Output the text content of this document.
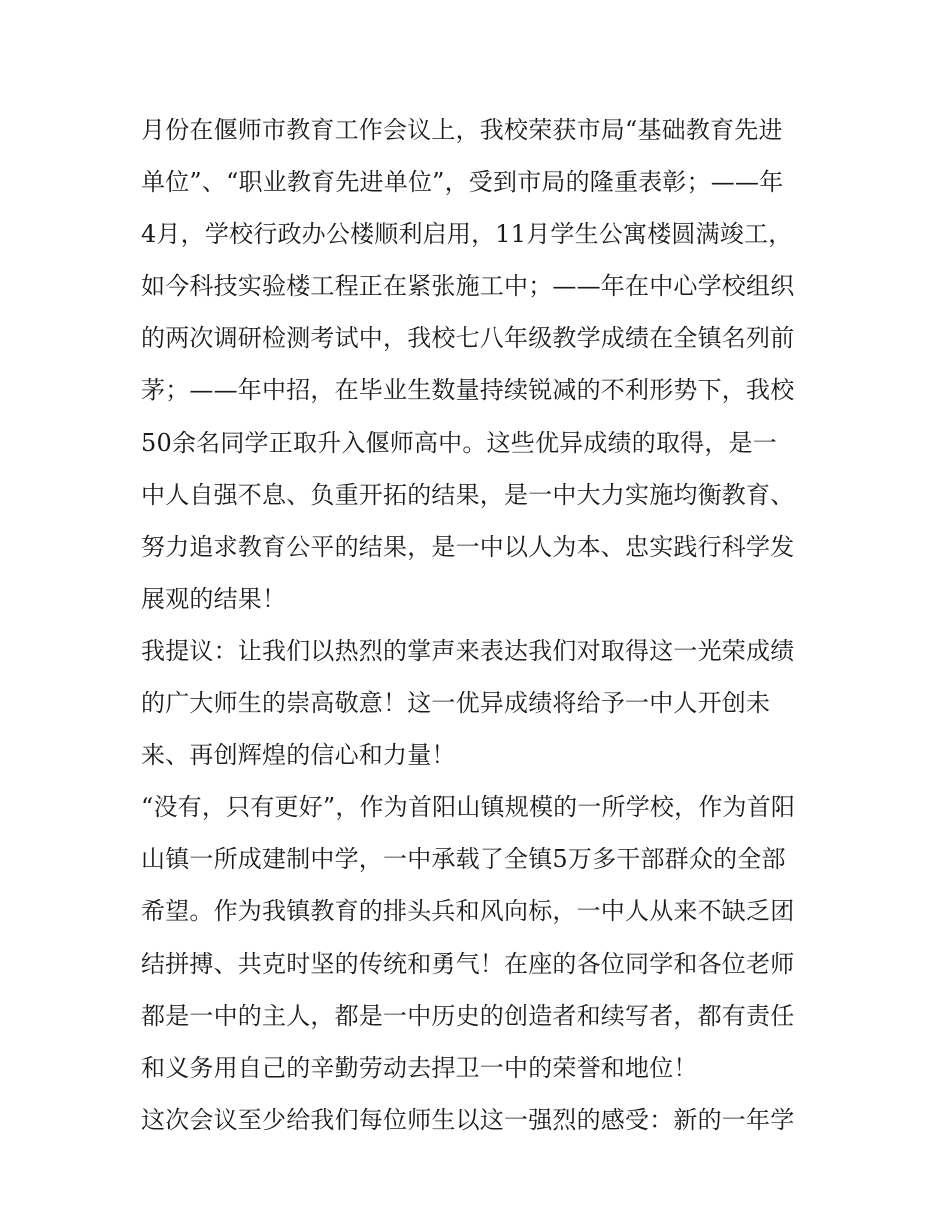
月份在偃师市教育工作会议上，我校荣获市局“基础教育先进
单位”、“职业教育先进单位”，受到市局的隆重表彰；——年
4月，学校行政办公楼顺利启用，11月学生公寓楼圆满竣工，
如今科技实验楼工程正在紧张施工中；——年在中心学校组织
的两次调研检测考试中，我校七八年级教学成绩在全镇名列前
茅；——年中招，在毕业生数量持续锐减的不利形势下，我校
50余名同学正取升入偃师高中。这些优异成绩的取得，是一
中人自强不息、负重开拓的结果，是一中大力实施均衡教育、
努力追求教育公平的结果，是一中以人为本、忠实践行科学发
展观的结果！
我提议：让我们以热烈的掌声来表达我们对取得这一光荣成绩
的广大师生的崇高敬意！这一优异成绩将给予一中人开创未
来、再创辉煌的信心和力量！
“没有，只有更好”，作为首阳山镇规模的一所学校，作为首阳
山镇一所成建制中学，一中承载了全镇5万多干部群众的全部
希望。作为我镇教育的排头兵和风向标，一中人从来不缺乏团
结拼搏、共克时坚的传统和勇气！在座的各位同学和各位老师
都是一中的主人，都是一中历史的创造者和续写者，都有责任
和义务用自己的辛勤劳动去捍卫一中的荣誉和地位！
这次会议至少给我们每位师生以这一强烈的感受：新的一年学
